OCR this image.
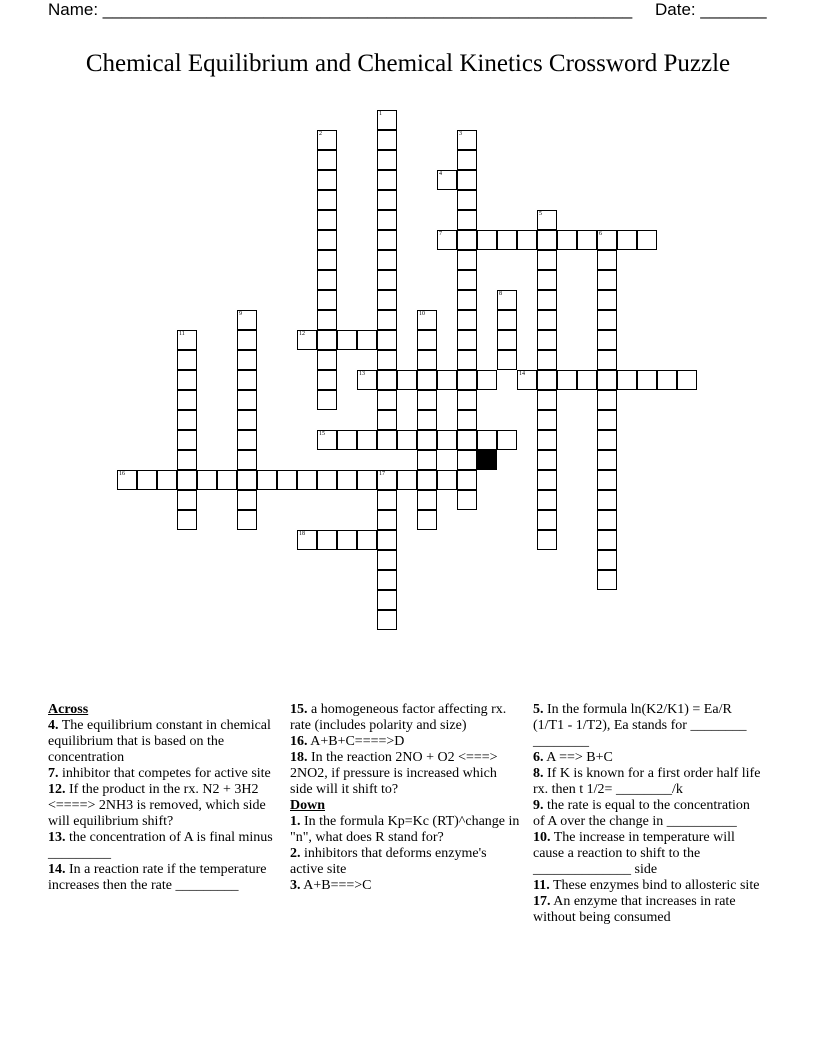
Name: ________________________________________________________ Date: _______
Chemical Equilibrium and Chemical Kinetics Crossword Puzzle
4
7	6
12
13	14
15
16	17
18
1
2	3
5
8
9	10
11
Across
4. The equilibrium constant in chemical equilibrium that is based on the concentration
7. inhibitor that competes for active site
12. If the product in the rx. N2 + 3H2 <====> 2NH3 is removed, which side will equilibrium shift?
13. the concentration of A is final minus _________
14. In a reaction rate if the temperature increases then the rate _________
15. a homogeneous factor affecting rx. rate (includes polarity and size)
16. A+B+C====>D
18. In the reaction 2NO + O2 <===> 2NO2, if pressure is increased which side will it shift to?
Down
1. In the formula Kp=Kc (RT)^change in "n", what does R stand for?
2. inhibitors that deforms enzyme's active site
3. A+B===>C
5. In the formula ln(K2/K1) = Ea/R (1/T1 - 1/T2), Ea stands for ________ ________
6. A ==> B+C
8. If K is known for a first order half life rx. then t 1/2= ________/k
9. the rate is equal to the concentration of A over the change in __________
10. The increase in temperature will cause a reaction to shift to the ______________ side
11. These enzymes bind to allosteric site
17. An enzyme that increases in rate without being consumed
